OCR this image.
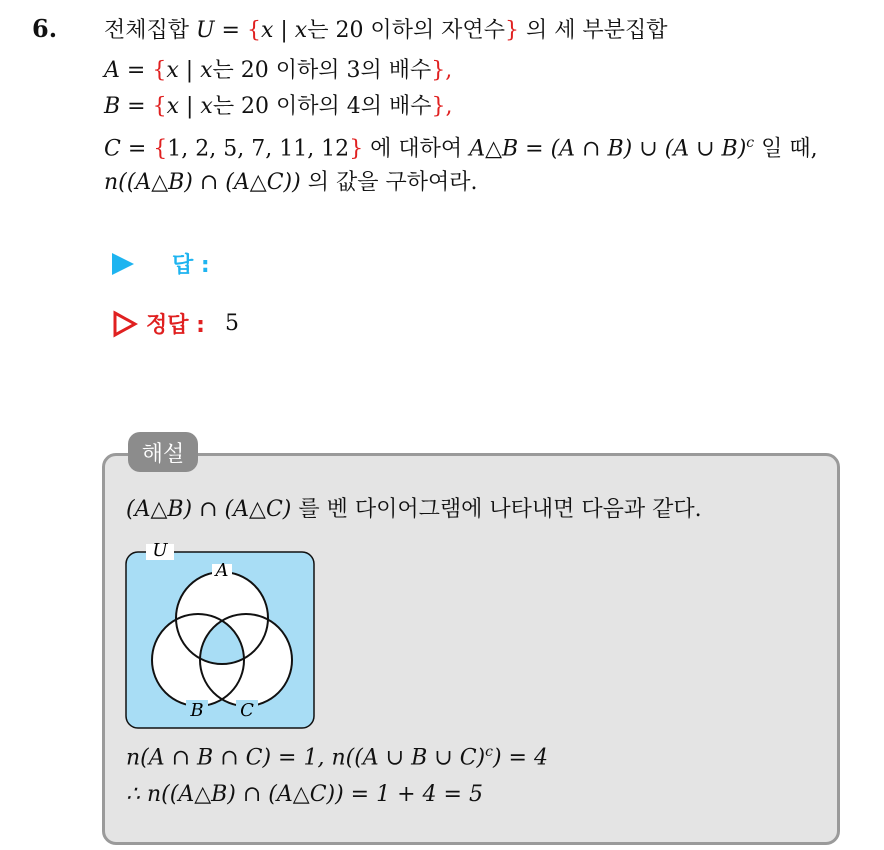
6. 전체집합 U = {x | x는 20 이하의 자연수} 의 세 부분집합
A = {x | x는 20 이하의 3의 배수},
B = {x | x는 20 이하의 4의 배수},
C = {1, 2, 5, 7, 11, 12} 에 대하여 A△B = (A ∩ B) ∪ (A ∪ B)$^c$ 일 때,
n((A△B) ∩ (A△C)) 의 값을 구하여라.
답 :
정답 : 5
해설
(A△B) ∩ (A△C) 를 벤 다이어그램에 나타내면 다음과 같다.
U
A
B C
n(A ∩ B ∩ C) = 1, n((A ∪ B ∪ C)$^c$) = 4
∴ n((A△B) ∩ (A△C)) = 1 + 4 = 5
